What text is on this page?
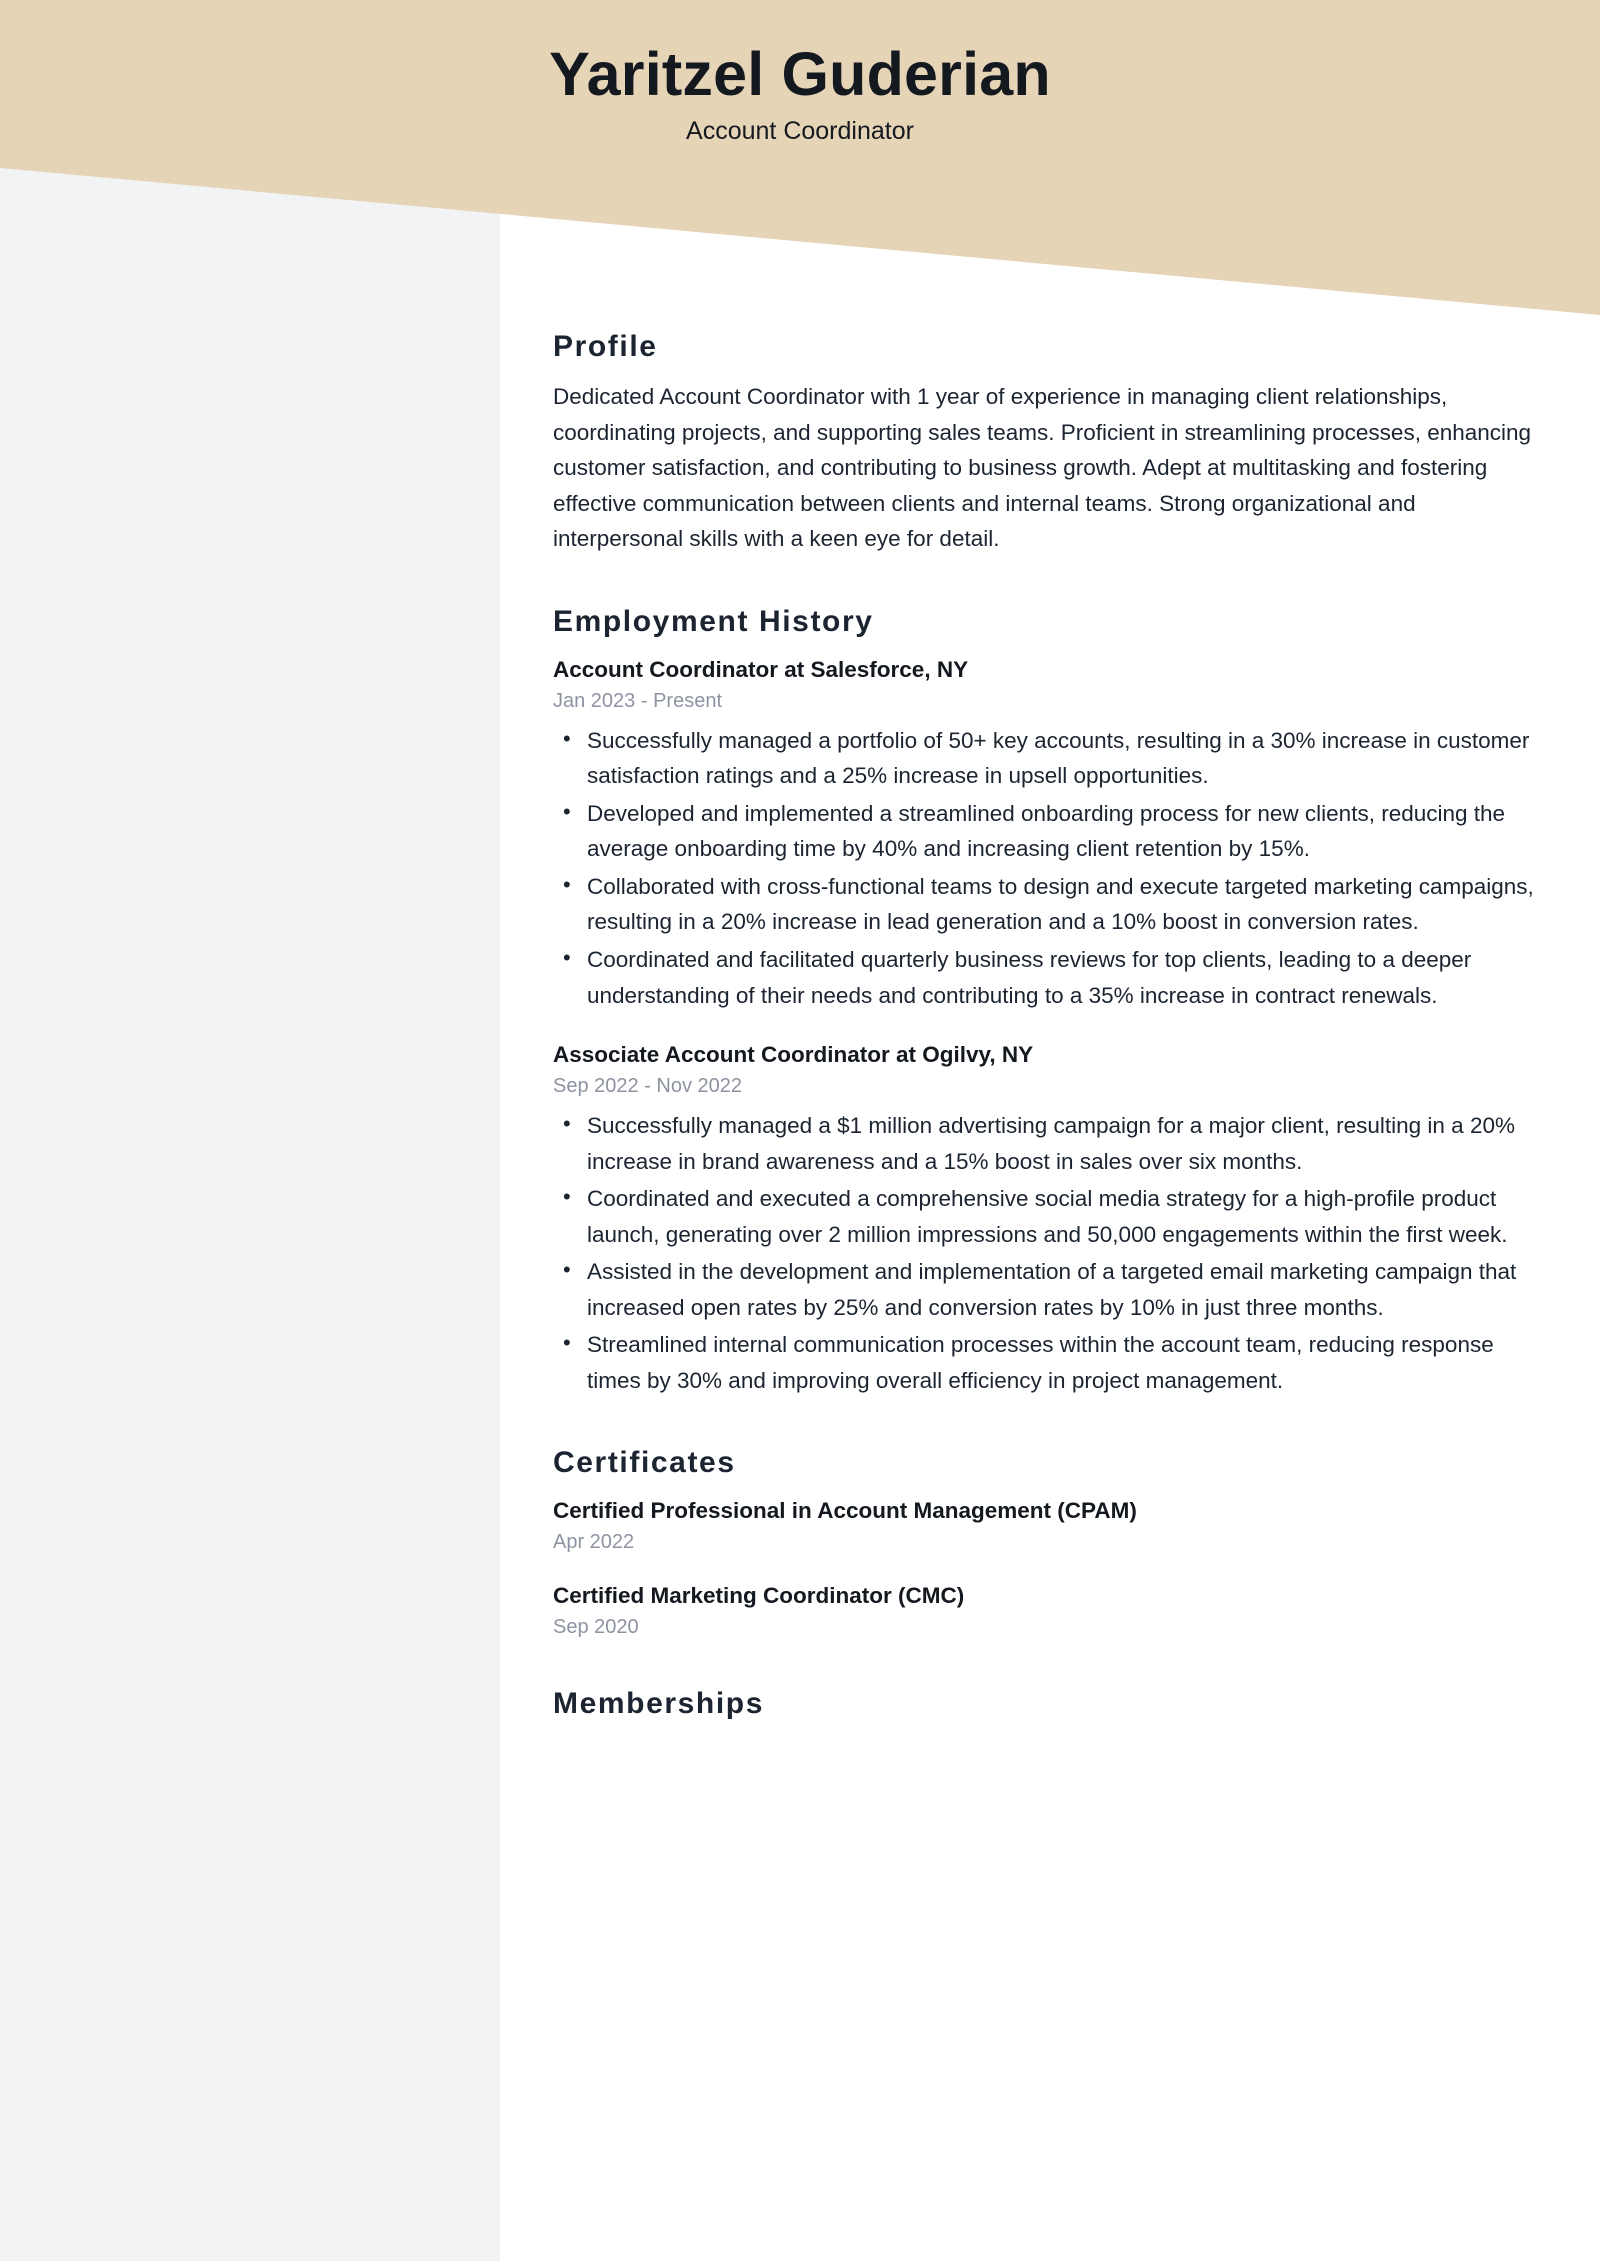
Yaritzel Guderian
Account Coordinator
Profile
Dedicated Account Coordinator with 1 year of experience in managing client relationships, coordinating projects, and supporting sales teams. Proficient in streamlining processes, enhancing customer satisfaction, and contributing to business growth. Adept at multitasking and fostering effective communication between clients and internal teams. Strong organizational and interpersonal skills with a keen eye for detail.
Employment History
Account Coordinator at Salesforce, NY
Jan 2023 - Present
• Successfully managed a portfolio of 50+ key accounts, resulting in a 30% increase in customer satisfaction ratings and a 25% increase in upsell opportunities.
• Developed and implemented a streamlined onboarding process for new clients, reducing the average onboarding time by 40% and increasing client retention by 15%.
• Collaborated with cross-functional teams to design and execute targeted marketing campaigns, resulting in a 20% increase in lead generation and a 10% boost in conversion rates.
• Coordinated and facilitated quarterly business reviews for top clients, leading to a deeper understanding of their needs and contributing to a 35% increase in contract renewals.
Associate Account Coordinator at Ogilvy, NY
Sep 2022 - Nov 2022
• Successfully managed a $1 million advertising campaign for a major client, resulting in a 20% increase in brand awareness and a 15% boost in sales over six months.
• Coordinated and executed a comprehensive social media strategy for a high-profile product launch, generating over 2 million impressions and 50,000 engagements within the first week.
• Assisted in the development and implementation of a targeted email marketing campaign that increased open rates by 25% and conversion rates by 10% in just three months.
• Streamlined internal communication processes within the account team, reducing response times by 30% and improving overall efficiency in project management.
Certificates
Certified Professional in Account Management (CPAM)
Apr 2022
Certified Marketing Coordinator (CMC)
Sep 2020
Memberships
